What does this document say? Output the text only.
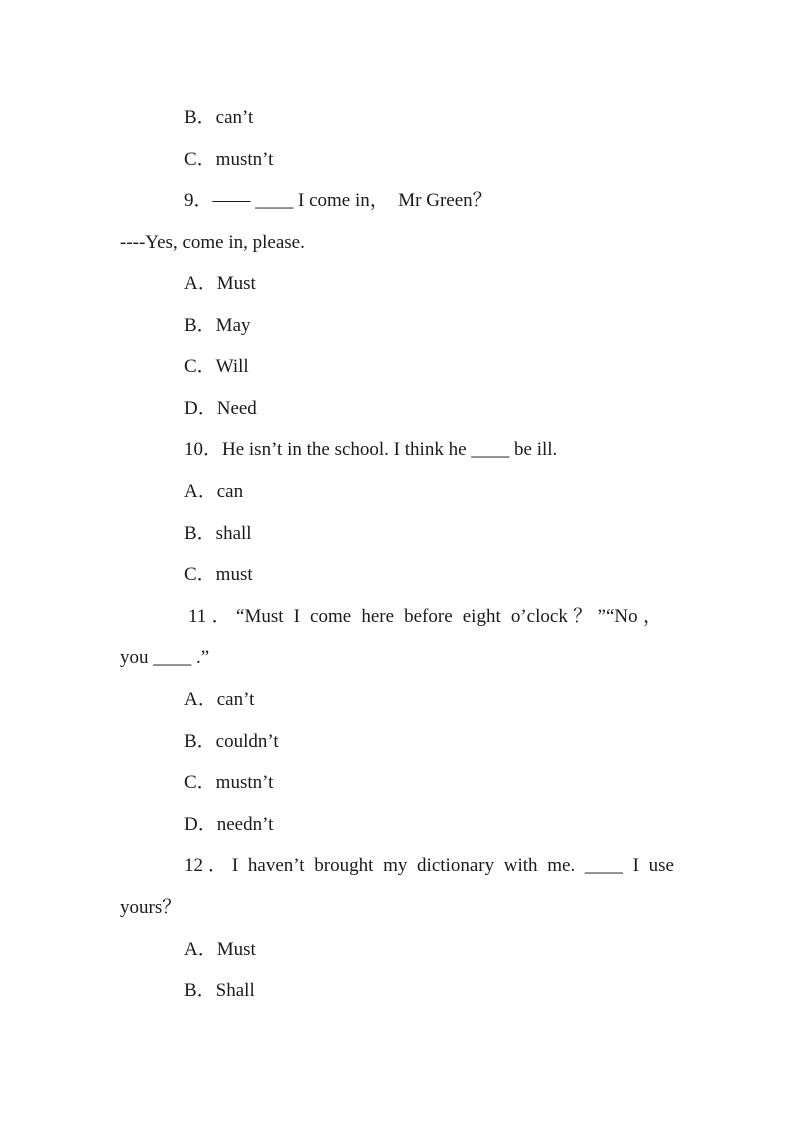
B．can’t
C．mustn’t
9．—— ____ I come in，  Mr Green？
----Yes, come in, please.
A．Must
B．May
C．Will
D．Need
10．He isn’t in the school. I think he ____ be ill.
A．can
B．shall
C．must
11．“Must I come here before eight o’clock？”“No，
you ____ .”
A．can’t
B．couldn’t
C．mustn’t
D．needn’t
12．I haven’t brought my dictionary with me. ____ I use
yours？
A．Must
B．Shall
